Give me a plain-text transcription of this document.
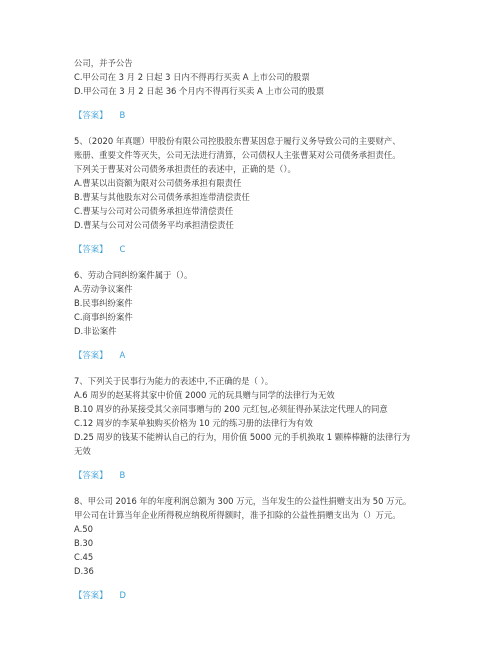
公司，并予公告
C.甲公司在 3 月 2 日起 3 日内不得再行买卖 A 上市公司的股票
D.甲公司在 3 月 2 日起 36 个月内不得再行买卖 A 上市公司的股票
【答案】 B
5、（2020 年真题）甲股份有限公司控股股东曹某因怠于履行义务导致公司的主要财产、
账册、重要文件等灭失，公司无法进行清算，公司债权人主张曹某对公司债务承担责任。
下列关于曹某对公司债务承担责任的表述中，正确的是（）。
A.曹某以出资额为限对公司债务承担有限责任
B.曹某与其他股东对公司债务承担连带清偿责任
C.曹某与公司对公司债务承担连带清偿责任
D.曹某与公司对公司债务平均承担清偿责任
【答案】 C
6、劳动合同纠纷案件属于（）。
A.劳动争议案件
B.民事纠纷案件
C.商事纠纷案件
D.非讼案件
【答案】 A
7、下列关于民事行为能力的表述中,不正确的是（ ）。
A.6 周岁的赵某将其家中价值 2000 元的玩具赠与同学的法律行为无效
B.10 周岁的孙某接受其父亲同事赠与的 200 元红包,必须征得孙某法定代理人的同意
C.12 周岁的李某单独购买价格为 10 元的练习册的法律行为有效
D.25 周岁的钱某不能辨认自己的行为，用价值 5000 元的手机换取 1 颗棒棒糖的法律行为
无效
【答案】 B
8、甲公司 2016 年的年度利润总额为 300 万元，当年发生的公益性捐赠支出为 50 万元。
甲公司在计算当年企业所得税应纳税所得额时，准予扣除的公益性捐赠支出为（）万元。
A.50
B.30
C.45
D.36
【答案】 D
